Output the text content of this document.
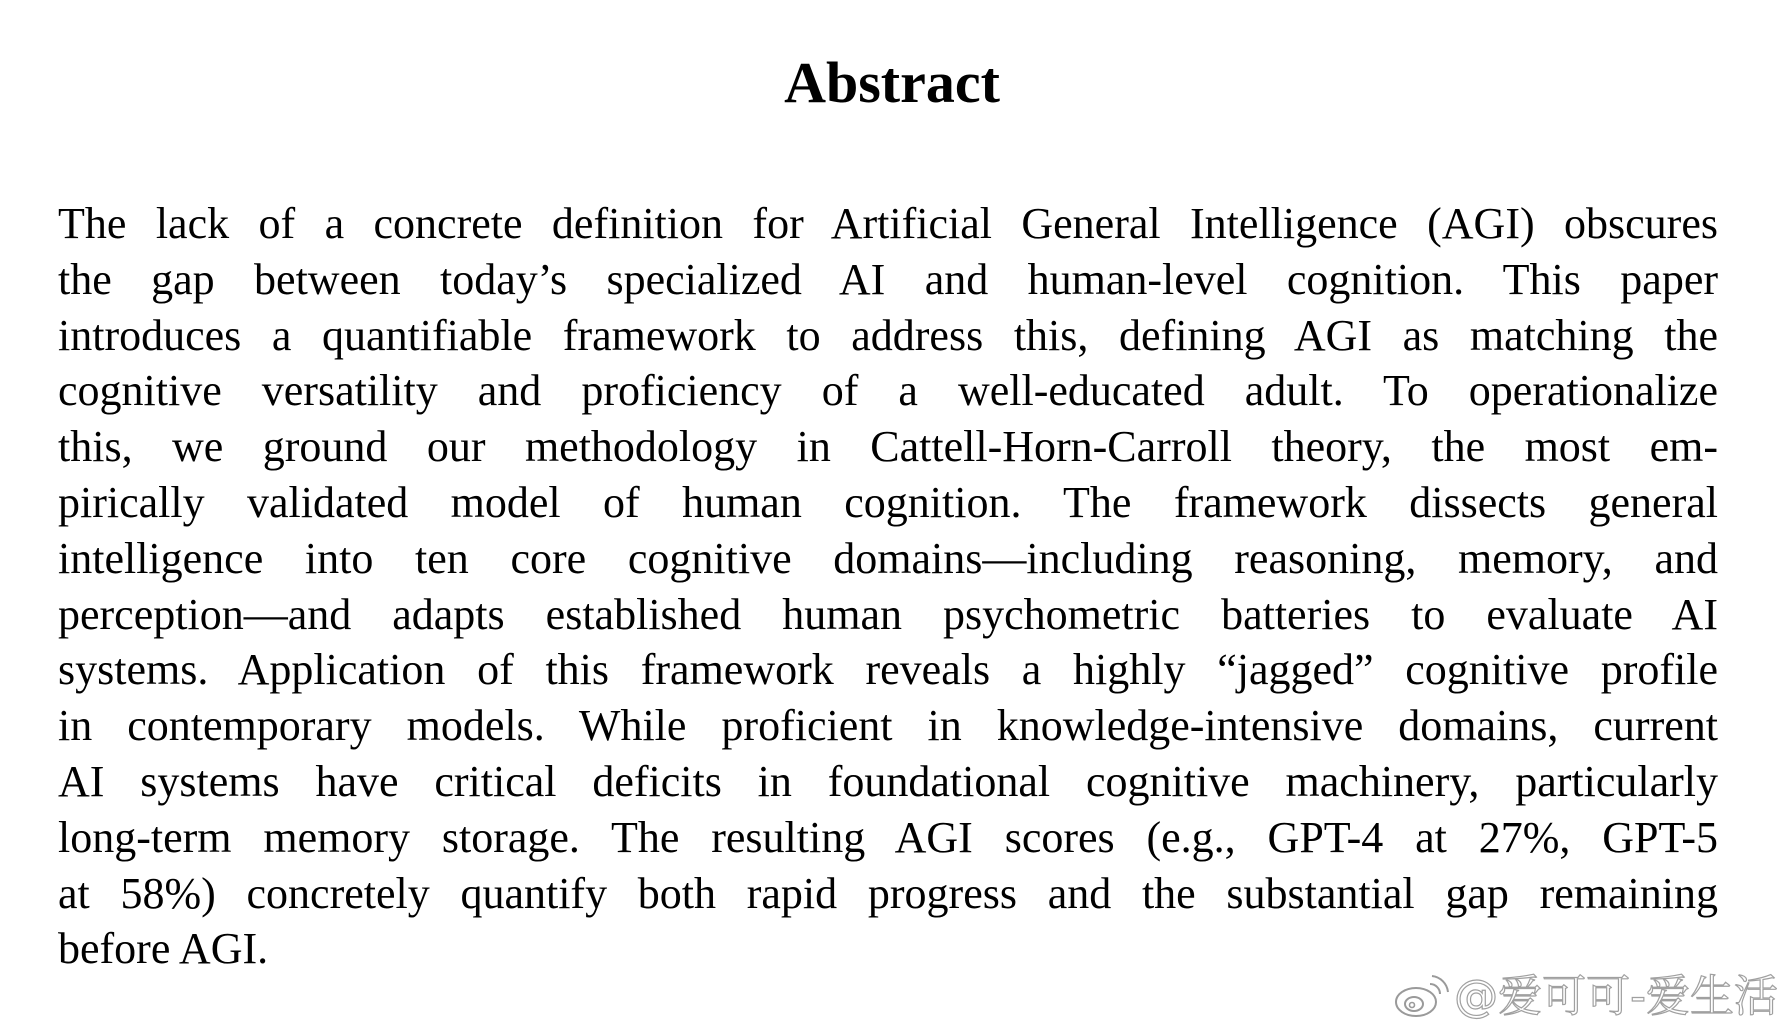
Abstract
The lack of a concrete definition for Artificial General Intelligence (AGI) obscures
the gap between today’s specialized AI and human-level cognition. This paper
introduces a quantifiable framework to address this, defining AGI as matching the
cognitive versatility and proficiency of a well-educated adult. To operationalize
this, we ground our methodology in Cattell-Horn-Carroll theory, the most em-
pirically validated model of human cognition. The framework dissects general
intelligence into ten core cognitive domains—including reasoning, memory, and
perception—and adapts established human psychometric batteries to evaluate AI
systems. Application of this framework reveals a highly “jagged” cognitive profile
in contemporary models. While proficient in knowledge-intensive domains, current
AI systems have critical deficits in foundational cognitive machinery, particularly
long-term memory storage. The resulting AGI scores (e.g., GPT-4 at 27%, GPT-5
at 58%) concretely quantify both rapid progress and the substantial gap remaining
before AGI.
@爱可可-爱生活
